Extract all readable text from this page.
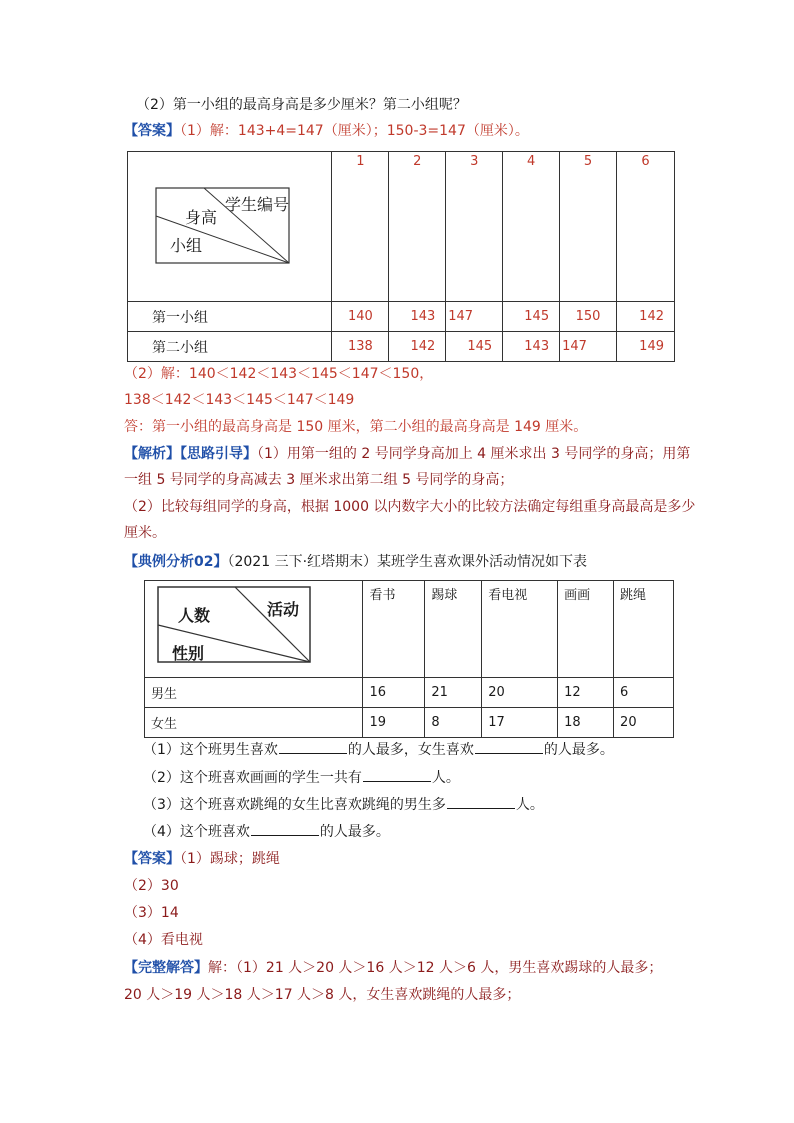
（2）第一小组的最高身高是多少厘米？第二小组呢？
【答案】（1）解：143+4=147（厘米）；150-3=147（厘米）。
学生编号
身高
小组	1	2	3	4	5	6
第一小组	140	143	147	145	150	142
第二小组	138	142	145	143	147	149
（2）解：140＜142＜143＜145＜147＜150，
138＜142＜143＜145＜147＜149
答：第一小组的最高身高是 150 厘米，第二小组的最高身高是 149 厘米。
【解析】【思路引导】（1）用第一组的 2 号同学身高加上 4 厘米求出 3 号同学的身高；用第
一组 5 号同学的身高减去 3 厘米求出第二组 5 号同学的身高；
（2）比较每组同学的身高，根据 1000 以内数字大小的比较方法确定每组重身高最高是多少
厘米。
【典例分析02】（2021 三下·红塔期末）某班学生喜欢课外活动情况如下表
活动
人数
性别	看书	踢球	看电视	画画	跳绳
男生	16	21	20	12	6
女生	19	8	17	18	20
（1）这个班男生喜欢	的人最多，女生喜欢	的人最多。
（2）这个班喜欢画画的学生一共有	人。
（3）这个班喜欢跳绳的女生比喜欢跳绳的男生多	人。
（4）这个班喜欢	的人最多。
【答案】（1）踢球；跳绳
（2）30
（3）14
（4）看电视
【完整解答】解：（1）21 人＞20 人＞16 人＞12 人＞6 人，男生喜欢踢球的人最多；
20 人＞19 人＞18 人＞17 人＞8 人，女生喜欢跳绳的人最多；
